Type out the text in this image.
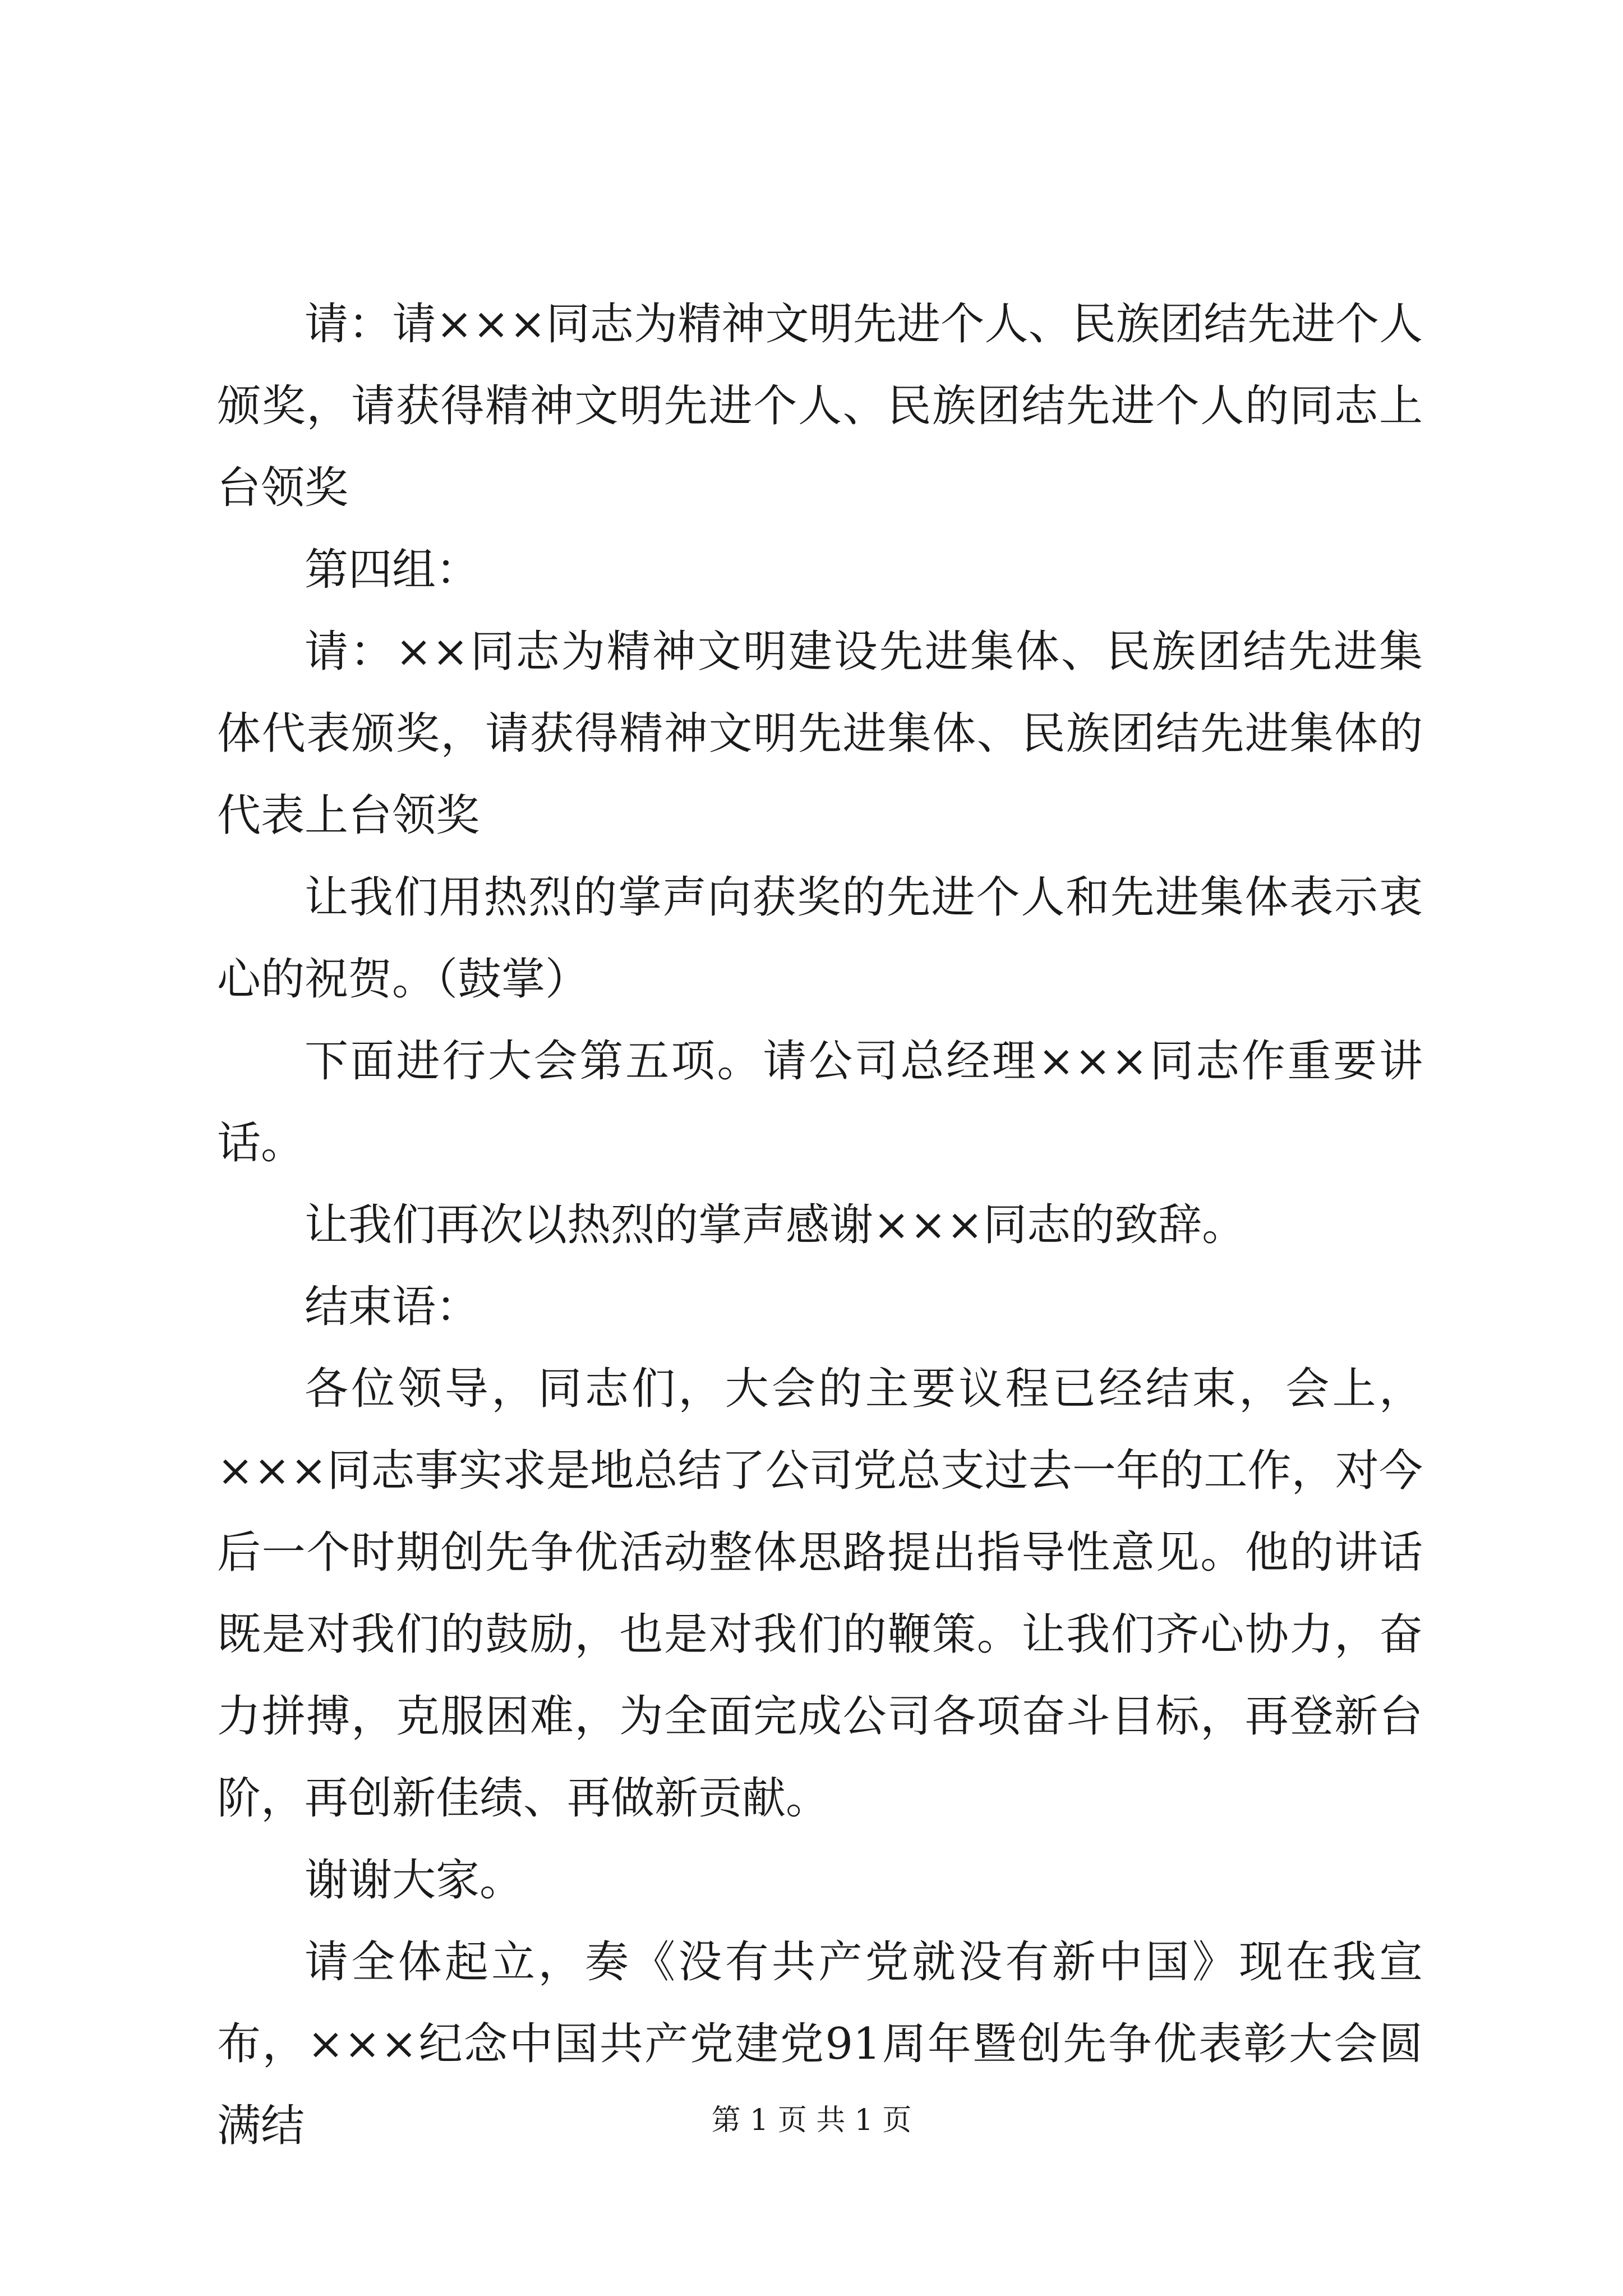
请：请×××同志为精神文明先进个人、民族团结先进个人颁奖，请获得精神文明先进个人、民族团结先进个人的同志上台领奖

第四组：

请：××同志为精神文明建设先进集体、民族团结先进集体代表颁奖，请获得精神文明先进集体、民族团结先进集体的代表上台领奖

让我们用热烈的掌声向获奖的先进个人和先进集体表示衷心的祝贺。（鼓掌）

下面进行大会第五项。请公司总经理×××同志作重要讲话。

让我们再次以热烈的掌声感谢×××同志的致辞。

结束语：

各位领导，同志们，大会的主要议程已经结束，会上，×××同志事实求是地总结了公司党总支过去一年的工作，对今后一个时期创先争优活动整体思路提出指导性意见。他的讲话既是对我们的鼓励，也是对我们的鞭策。让我们齐心协力，奋力拼搏，克服困难，为全面完成公司各项奋斗目标，再登新台阶，再创新佳绩、再做新贡献。

谢谢大家。

请全体起立，奏《没有共产党就没有新中国》现在我宣布，×××纪念中国共产党建党91周年暨创先争优表彰大会圆满结	第 1 页 共 1 页
